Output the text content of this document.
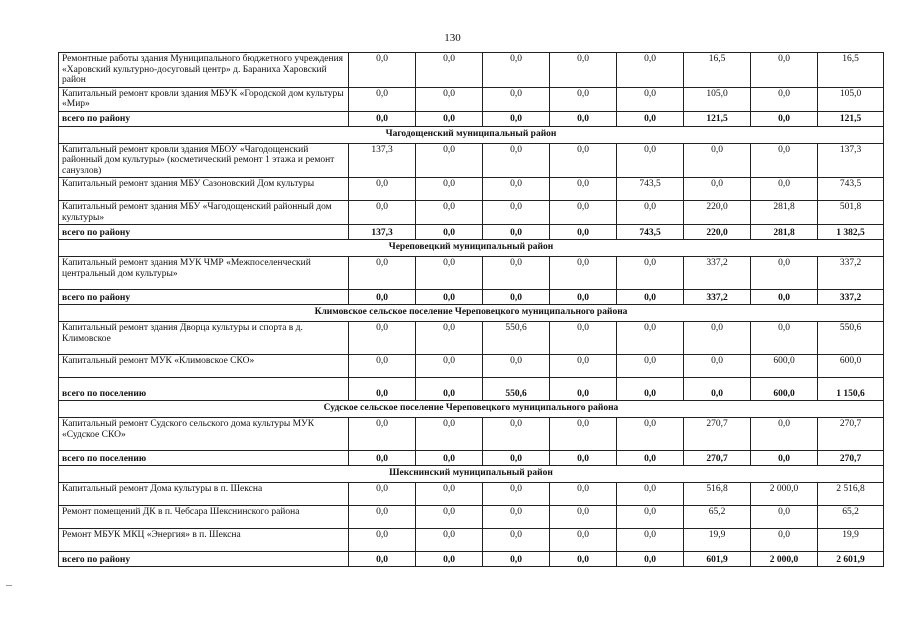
130
Ремонтные работы здания Муниципального бюджетного учреждения «Харовский культурно-досуговый центр» д. Бараниха Харовский район	0,0	0,0	0,0	0,0	0,0	16,5	0,0	16,5
Капитальный ремонт кровли здания МБУК «Городской дом культуры «Мир»	0,0	0,0	0,0	0,0	0,0	105,0	0,0	105,0
всего по району	0,0	0,0	0,0	0,0	0,0	121,5	0,0	121,5
Чагодощенский муниципальный район								
Капитальный ремонт кровли здания МБОУ «Чагодощенский районный дом культуры» (косметический ремонт 1 этажа и ремонт санузлов)	137,3	0,0	0,0	0,0	0,0	0,0	0,0	137,3
Капитальный ремонт здания МБУ Сазоновский Дом культуры	0,0	0,0	0,0	0,0	743,5	0,0	0,0	743,5
Капитальный ремонт здания МБУ «Чагодощенский районный дом культуры»	0,0	0,0	0,0	0,0	0,0	220,0	281,8	501,8
всего по району	137,3	0,0	0,0	0,0	743,5	220,0	281,8	1 382,5
Череповецкий муниципальный район								
Капитальный ремонт здания МУК ЧМР «Межпоселенческий центральный дом культуры»	0,0	0,0	0,0	0,0	0,0	337,2	0,0	337,2
всего по району	0,0	0,0	0,0	0,0	0,0	337,2	0,0	337,2
Климовское сельское поселение Череповецкого муниципального района								
Капитальный ремонт здания Дворца культуры и спорта в д. Климовское	0,0	0,0	550,6	0,0	0,0	0,0	0,0	550,6
Капитальный ремонт МУК «Климовское СКО»	0,0	0,0	0,0	0,0	0,0	0,0	600,0	600,0
всего по поселению	0,0	0,0	550,6	0,0	0,0	0,0	600,0	1 150,6
Судское сельское поселение Череповецкого муниципального района								
Капитальный ремонт Судского сельского дома культуры МУК «Судское СКО»	0,0	0,0	0,0	0,0	0,0	270,7	0,0	270,7
всего по поселению	0,0	0,0	0,0	0,0	0,0	270,7	0,0	270,7
Шекснинский муниципальный район								
Капитальный ремонт Дома культуры в п. Шексна	0,0	0,0	0,0	0,0	0,0	516,8	2 000,0	2 516,8
Ремонт помещений ДК в п. Чебсара Шекснинского района	0,0	0,0	0,0	0,0	0,0	65,2	0,0	65,2
Ремонт МБУК МКЦ «Энергия» в п. Шексна	0,0	0,0	0,0	0,0	0,0	19,9	0,0	19,9
всего по району	0,0	0,0	0,0	0,0	0,0	601,9	2 000,0	2 601,9
